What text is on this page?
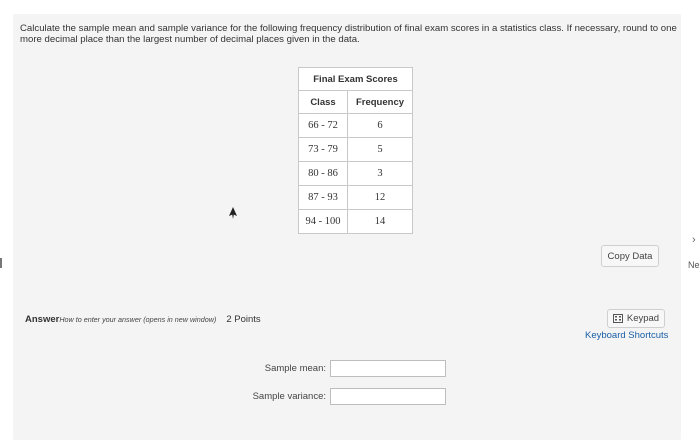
Calculate the sample mean and sample variance for the following frequency distribution of final exam scores in a statistics class. If necessary, round to one more decimal place than the largest number of decimal places given in the data.
Final Exam Scores	
Class	Frequency
66 - 72	6
73 - 79	5
80 - 86	3
87 - 93	12
94 - 100	14
Copy Data
›
Ne
AnswerHow to enter your answer (opens in new window) 2 Points	Keypad
Keyboard Shortcuts
Sample mean:
Sample variance:
